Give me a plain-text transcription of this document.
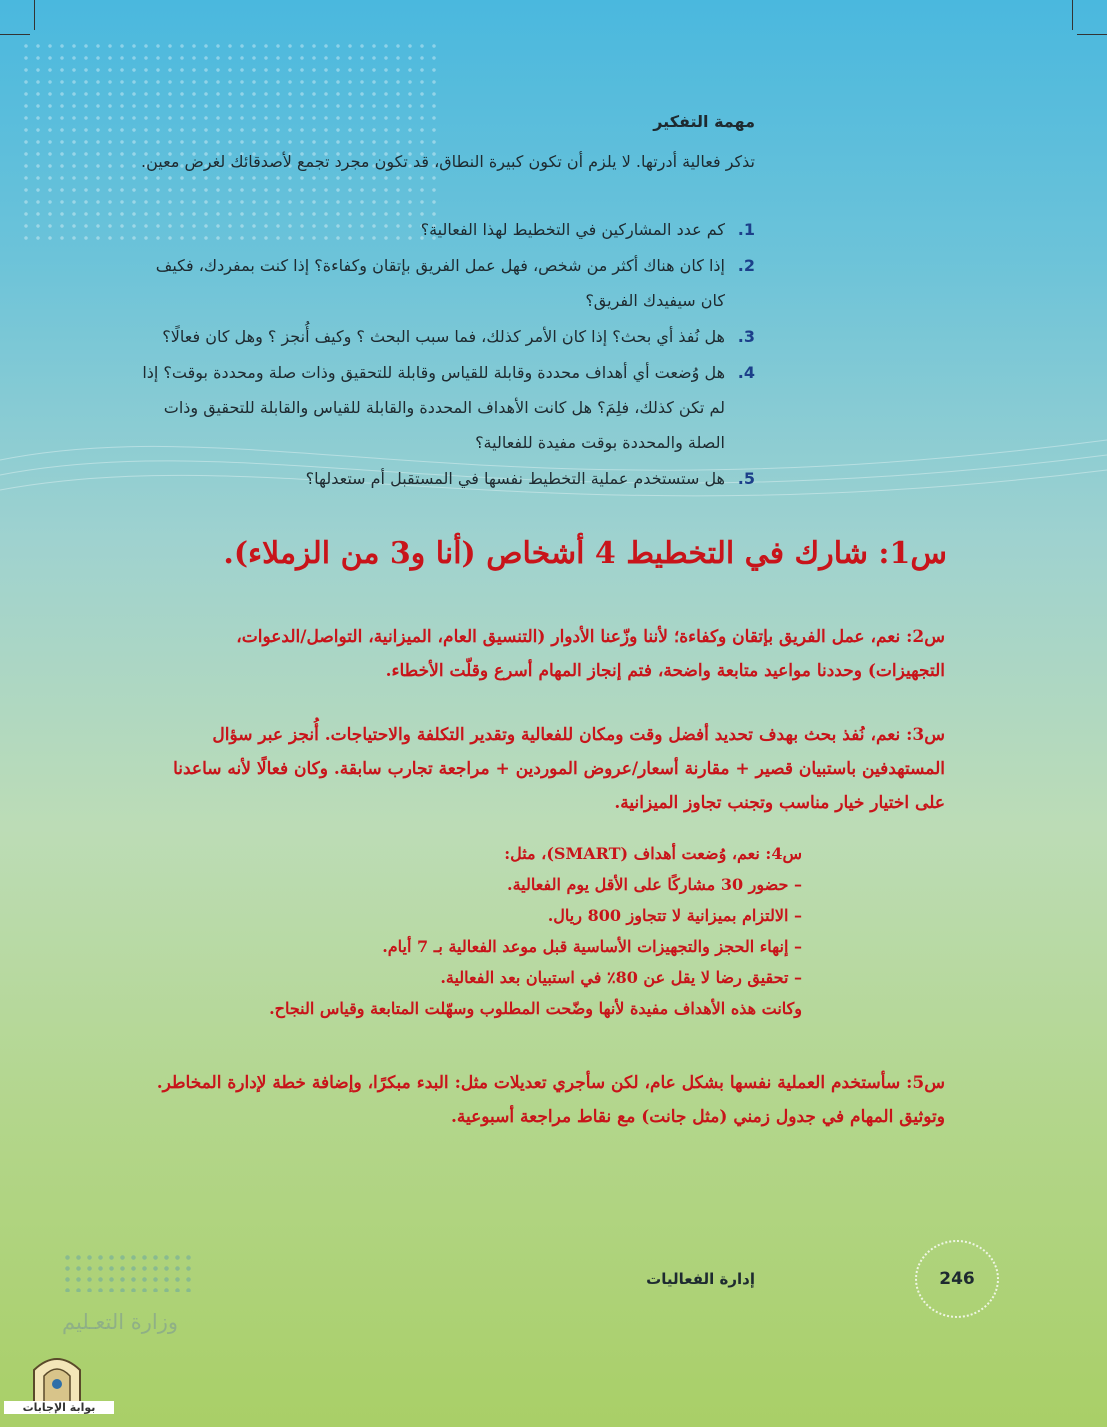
مهمة التفكير
تذكر فعالية أدرتها. لا يلزم أن تكون كبيرة النطاق، قد تكون مجرد تجمع لأصدقائك لغرض معين.
1.
كم عدد المشاركين في التخطيط لهذا الفعالية؟
2.
إذا كان هناك أكثر من شخص، فهل عمل الفريق بإتقان وكفاءة؟ إذا كنت بمفردك، فكيف كان سيفيدك الفريق؟
3.
هل نُفذ أي بحث؟ إذا كان الأمر كذلك، فما سبب البحث ؟ وكيف أُنجز ؟ وهل كان فعالًا؟
4.
هل وُضعت أي أهداف محددة وقابلة للقياس وقابلة للتحقيق وذات صلة ومحددة بوقت؟ إذا لم تكن كذلك، فلِمَ؟ هل كانت الأهداف المحددة والقابلة للقياس والقابلة للتحقيق وذات الصلة والمحددة بوقت مفيدة للفعالية؟
5.
هل ستستخدم عملية التخطيط نفسها في المستقبل أم ستعدلها؟
س1: شارك في التخطيط 4 أشخاص (أنا و3 من الزملاء).
س2: نعم، عمل الفريق بإتقان وكفاءة؛ لأننا وزّعنا الأدوار (التنسيق العام، الميزانية، التواصل/الدعوات، التجهيزات) وحددنا مواعيد متابعة واضحة، فتم إنجاز المهام أسرع وقلّت الأخطاء.
س3: نعم، نُفذ بحث بهدف تحديد أفضل وقت ومكان للفعالية وتقدير التكلفة والاحتياجات. أُنجز عبر سؤال المستهدفين باستبيان قصير + مقارنة أسعار/عروض الموردين + مراجعة تجارب سابقة. وكان فعالًا لأنه ساعدنا على اختيار خيار مناسب وتجنب تجاوز الميزانية.
س4: نعم، وُضعت أهداف (SMART)، مثل:
– حضور 30 مشاركًا على الأقل يوم الفعالية.
– الالتزام بميزانية لا تتجاوز 800 ريال.
– إنهاء الحجز والتجهيزات الأساسية قبل موعد الفعالية بـ 7 أيام.
– تحقيق رضا لا يقل عن 80٪ في استبيان بعد الفعالية.
وكانت هذه الأهداف مفيدة لأنها وضّحت المطلوب وسهّلت المتابعة وقياس النجاح.
س5: سأستخدم العملية نفسها بشكل عام، لكن سأجري تعديلات مثل: البدء مبكرًا، وإضافة خطة لإدارة المخاطر. وتوثيق المهام في جدول زمني (مثل جانت) مع نقاط مراجعة أسبوعية.
إدارة الفعاليات	246
وزارة التعـليم
بوابة الإجابات
